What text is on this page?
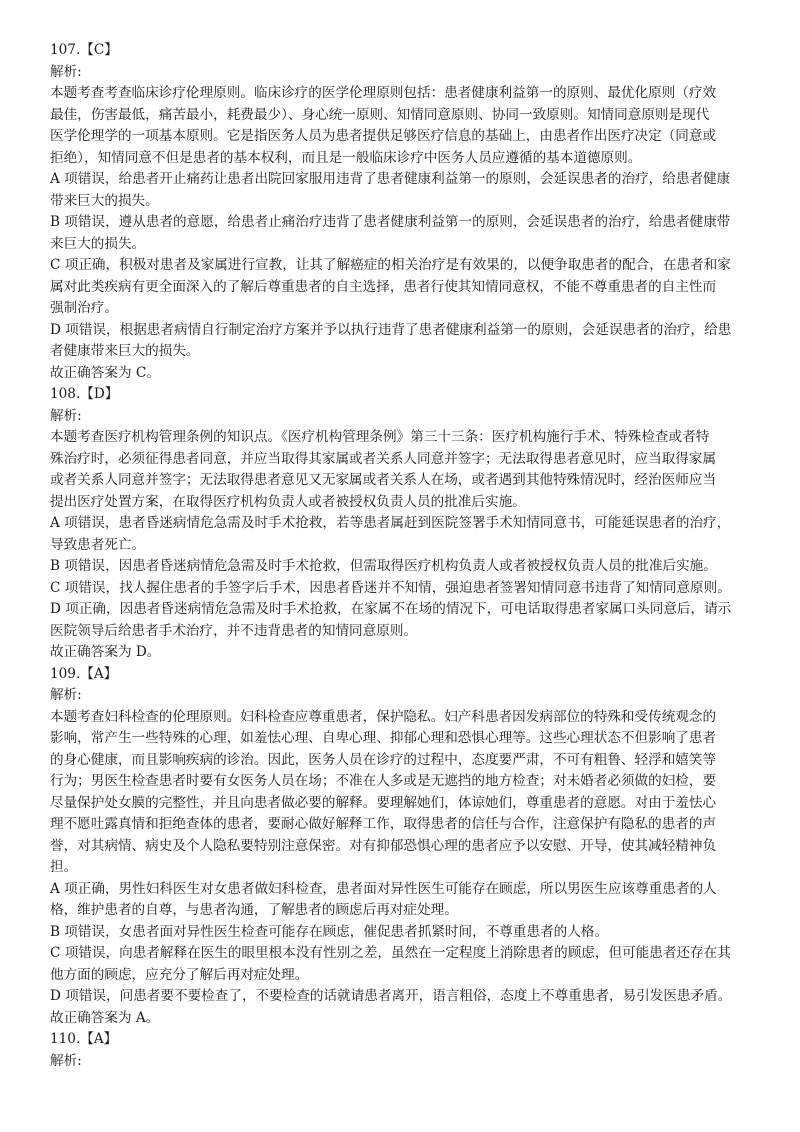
107.【C】
解析:
本题考查考查临床诊疗伦理原则。临床诊疗的医学伦理原则包括：患者健康利益第一的原则、最优化原则（疗效
最佳，伤害最低，痛苦最小，耗费最少）、身心统一原则、知情同意原则、协同一致原则。知情同意原则是现代
医学伦理学的一项基本原则。它是指医务人员为患者提供足够医疗信息的基础上，由患者作出医疗决定（同意或
拒绝），知情同意不但是患者的基本权利，而且是一般临床诊疗中医务人员应遵循的基本道德原则。
A 项错误，给患者开止痛药让患者出院回家服用违背了患者健康利益第一的原则，会延误患者的治疗，给患者健康
带来巨大的损失。
B 项错误，遵从患者的意愿，给患者止痛治疗违背了患者健康利益第一的原则，会延误患者的治疗，给患者健康带
来巨大的损失。
C 项正确，积极对患者及家属进行宣教，让其了解癌症的相关治疗是有效果的，以便争取患者的配合，在患者和家
属对此类疾病有更全面深入的了解后尊重患者的自主选择，患者行使其知情同意权，不能不尊重患者的自主性而
强制治疗。
D 项错误，根据患者病情自行制定治疗方案并予以执行违背了患者健康利益第一的原则，会延误患者的治疗，给患
者健康带来巨大的损失。
故正确答案为 C。
108.【D】
解析:
本题考查医疗机构管理条例的知识点。《医疗机构管理条例》第三十三条：医疗机构施行手术、特殊检查或者特
殊治疗时，必须征得患者同意，并应当取得其家属或者关系人同意并签字；无法取得患者意见时，应当取得家属
或者关系人同意并签字；无法取得患者意见又无家属或者关系人在场，或者遇到其他特殊情况时，经治医师应当
提出医疗处置方案，在取得医疗机构负责人或者被授权负责人员的批准后实施。
A 项错误，患者昏迷病情危急需及时手术抢救，若等患者属赶到医院签署手术知情同意书，可能延误患者的治疗，
导致患者死亡。
B 项错误，因患者昏迷病情危急需及时手术抢救，但需取得医疗机构负责人或者被授权负责人员的批准后实施。
C 项错误，找人握住患者的手签字后手术，因患者昏迷并不知情，强迫患者签署知情同意书违背了知情同意原则。
D 项正确，因患者昏迷病情危急需及时手术抢救，在家属不在场的情况下，可电话取得患者家属口头同意后，请示
医院领导后给患者手术治疗，并不违背患者的知情同意原则。
故正确答案为 D。
109.【A】
解析:
本题考查妇科检查的伦理原则。妇科检查应尊重患者，保护隐私。妇产科患者因发病部位的特殊和受传统观念的
影响，常产生一些特殊的心理，如羞怯心理、自卑心理、抑郁心理和恐惧心理等。这些心理状态不但影响了患者
的身心健康，而且影响疾病的诊治。因此，医务人员在诊疗的过程中，态度要严肃，不可有粗鲁、轻浮和嬉笑等
行为；男医生检查患者时要有女医务人员在场；不准在人多或是无遮挡的地方检查；对未婚者必须做的妇检，要
尽量保护处女膜的完整性，并且向患者做必要的解释。要理解她们，体谅她们，尊重患者的意愿。对由于羞怯心
理不愿吐露真情和拒绝查体的患者，要耐心做好解释工作，取得患者的信任与合作，注意保护有隐私的患者的声
誉，对其病情、病史及个人隐私要特别注意保密。对有抑郁恐惧心理的患者应予以安慰、开导，使其减轻精神负
担。
A 项正确，男性妇科医生对女患者做妇科检查，患者面对异性医生可能存在顾虑，所以男医生应该尊重患者的人
格，维护患者的自尊，与患者沟通，了解患者的顾虑后再对症处理。
B 项错误，女患者面对异性医生检查可能存在顾虑，催促患者抓紧时间，不尊重患者的人格。
C 项错误，向患者解释在医生的眼里根本没有性别之差，虽然在一定程度上消除患者的顾虑，但可能患者还存在其
他方面的顾虑，应充分了解后再对症处理。
D 项错误，问患者要不要检查了，不要检查的话就请患者离开，语言粗俗，态度上不尊重患者，易引发医患矛盾。
故正确答案为 A。
110.【A】
解析:
